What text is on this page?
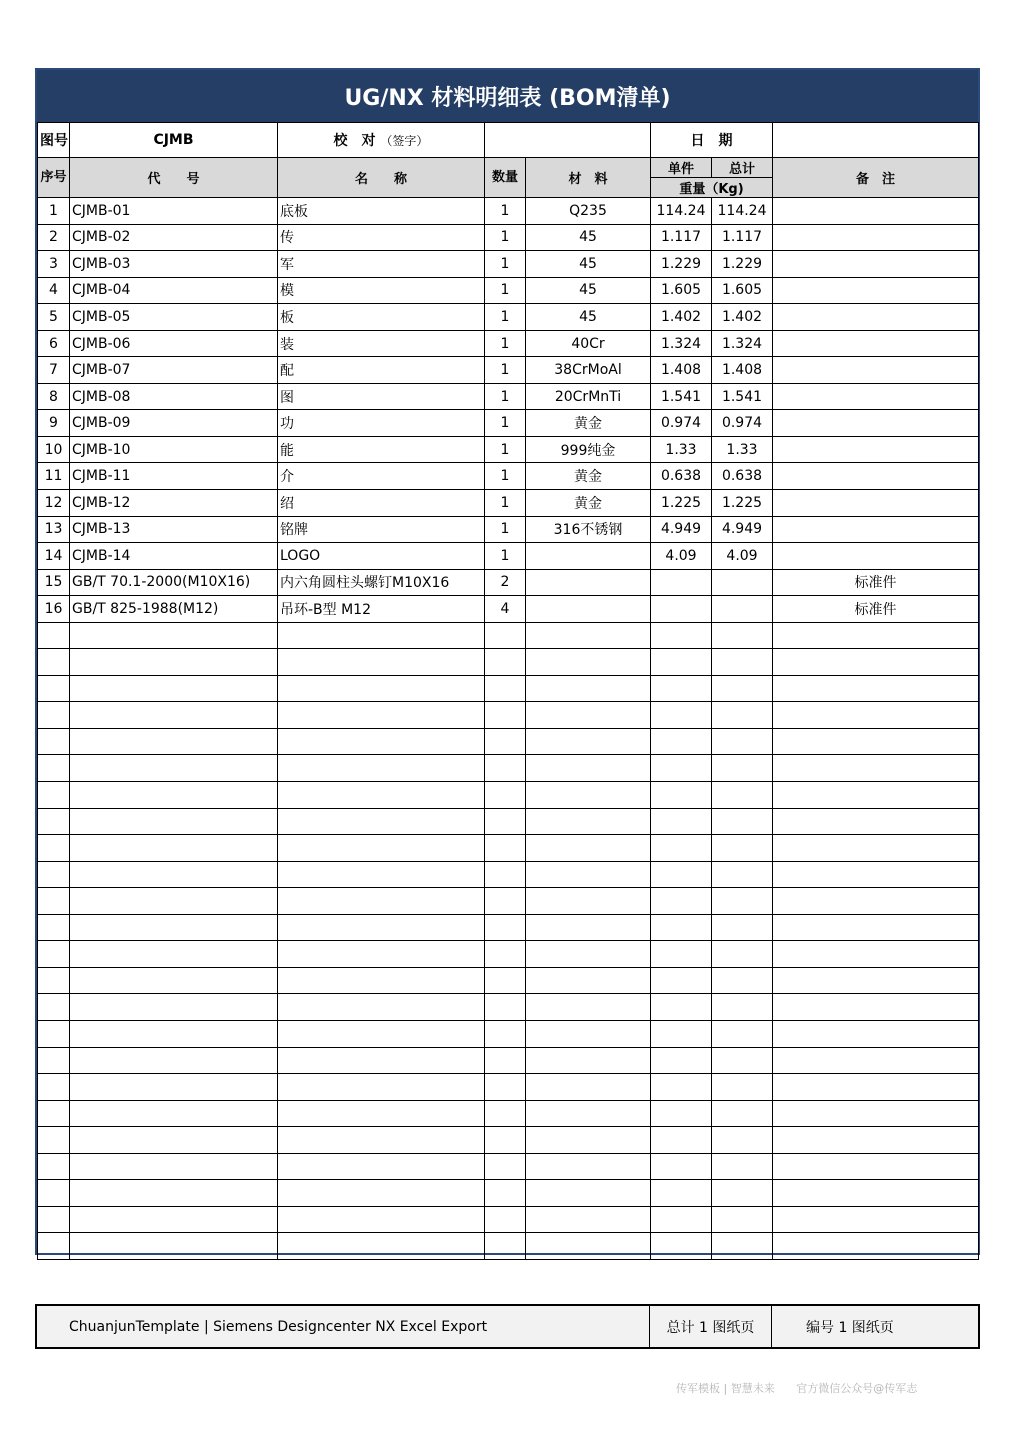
UG/NX 材料明细表 (BOM清单)
图号	CJMB	校　对 （签字）			日　期		
序号	代　　号	名　　称	数量	材　料	单件	总计	备　注
					重量（Kg)		
1	CJMB-01	底板	1	Q235	114.24	114.24	
2	CJMB-02	传	1	45	1.117	1.117	
3	CJMB-03	军	1	45	1.229	1.229	
4	CJMB-04	模	1	45	1.605	1.605	
5	CJMB-05	板	1	45	1.402	1.402	
6	CJMB-06	装	1	40Cr	1.324	1.324	
7	CJMB-07	配	1	38CrMoAl	1.408	1.408	
8	CJMB-08	图	1	20CrMnTi	1.541	1.541	
9	CJMB-09	功	1	黄金	0.974	0.974	
10	CJMB-10	能	1	999纯金	1.33	1.33	
11	CJMB-11	介	1	黄金	0.638	0.638	
12	CJMB-12	绍	1	黄金	1.225	1.225	
13	CJMB-13	铭牌	1	316不锈钢	4.949	4.949	
14	CJMB-14	LOGO	1		4.09	4.09	
15	GB/T 70.1-2000(M10X16)	内六角圆柱头螺钉M10X16	2				标准件
16	GB/T 825-1988(M12)	吊环-B型 M12	4				标准件

ChuanjunTemplate | Siemens Designcenter NX Excel Export	总计 1 图纸页	编号 1 图纸页
传军模板 | 智慧未来 官方微信公众号@传军志
